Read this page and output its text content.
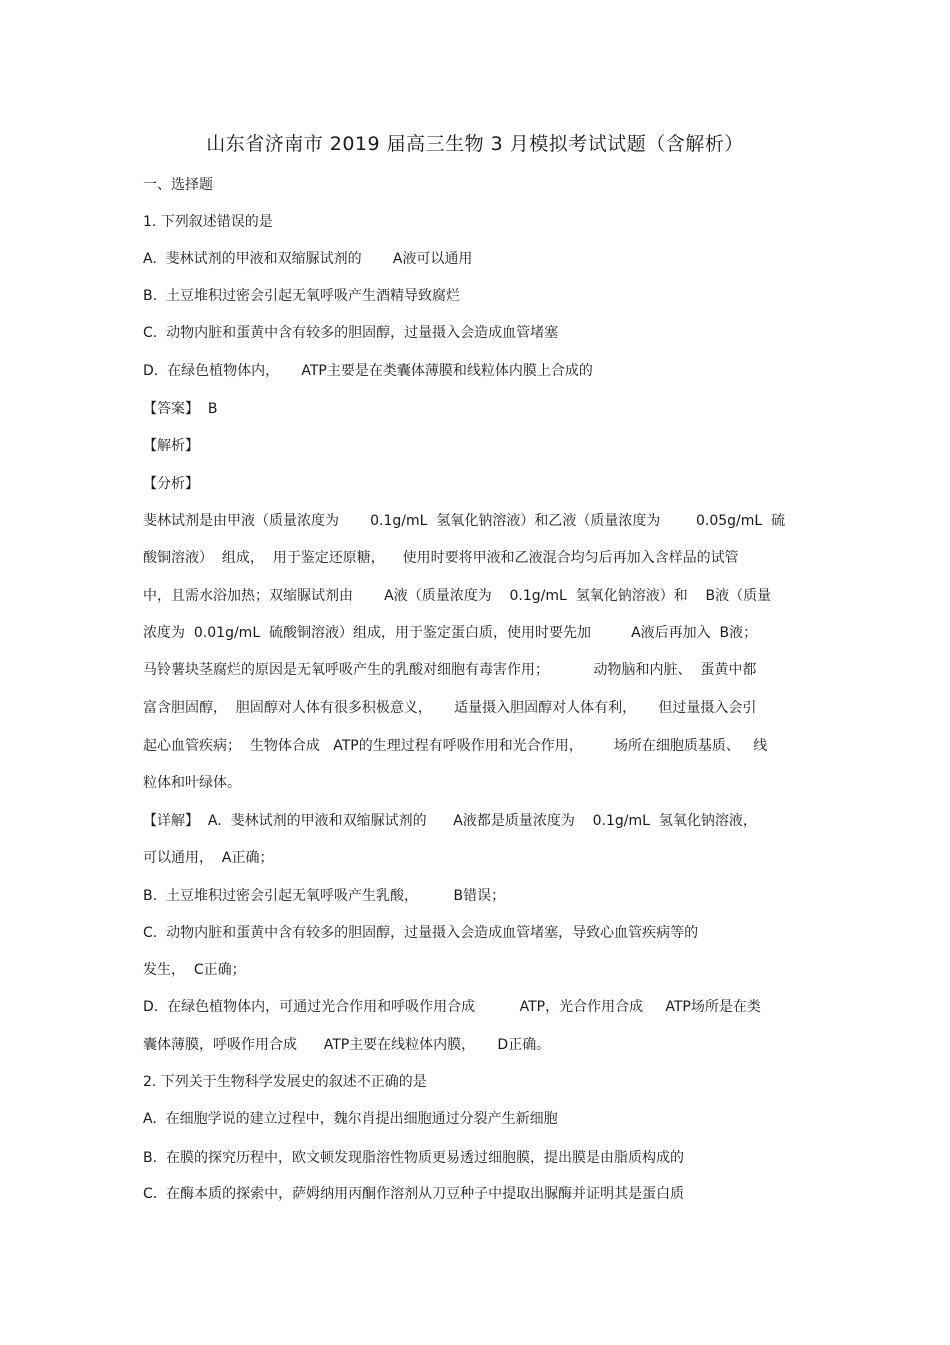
山东省济南市 2019 届高三生物 3 月模拟考试试题（含解析）
一、选择题
1. 下列叙述错误的是
A.  斐林试剂的甲液和双缩脲试剂的       A液可以通用
B.  土豆堆积过密会引起无氧呼吸产生酒精导致腐烂
C.  动物内脏和蛋黄中含有较多的胆固醇，过量摄入会造成血管堵塞
D.  在绿色植物体内，     ATP主要是在类囊体薄膜和线粒体内膜上合成的
【答案】  B
【解析】
【分析】
斐林试剂是由甲液（质量浓度为       0.1g/mL  氢氧化钠溶液）和乙液（质量浓度为        0.05g/mL  硫
酸铜溶液）  组成，  用于鉴定还原糖，    使用时要将甲液和乙液混合均匀后再加入含样品的试管
中，且需水浴加热；双缩脲试剂由       A液（质量浓度为    0.1g/mL  氢氧化钠溶液）和    B液（质量
浓度为  0.01g/mL  硫酸铜溶液）组成，用于鉴定蛋白质，使用时要先加         A液后再加入  B液；
马铃薯块茎腐烂的原因是无氧呼吸产生的乳酸对细胞有毒害作用；          动物脑和内脏、  蛋黄中都
富含胆固醇，  胆固醇对人体有很多积极意义，     适量摄入胆固醇对人体有利，     但过量摄入会引
起心血管疾病；  生物体合成   ATP的生理过程有呼吸作用和光合作用，       场所在细胞质基质、   线
粒体和叶绿体。
【详解】  A.  斐林试剂的甲液和双缩脲试剂的      A液都是质量浓度为    0.1g/mL  氢氧化钠溶液，
可以通用，  A正确；
B.  土豆堆积过密会引起无氧呼吸产生乳酸，        B错误；
C.  动物内脏和蛋黄中含有较多的胆固醇，过量摄入会造成血管堵塞，导致心血管疾病等的
发生，  C正确；
D.  在绿色植物体内，可通过光合作用和呼吸作用合成          ATP，光合作用合成     ATP场所是在类
囊体薄膜，呼吸作用合成      ATP主要在线粒体内膜，     D正确。
2. 下列关于生物科学发展史的叙述不正确的是
A.  在细胞学说的建立过程中，魏尔肖提出细胞通过分裂产生新细胞
B.  在膜的探究历程中，欧文顿发现脂溶性物质更易透过细胞膜，提出膜是由脂质构成的
C.  在酶本质的探索中，萨姆纳用丙酮作溶剂从刀豆种子中提取出脲酶并证明其是蛋白质
